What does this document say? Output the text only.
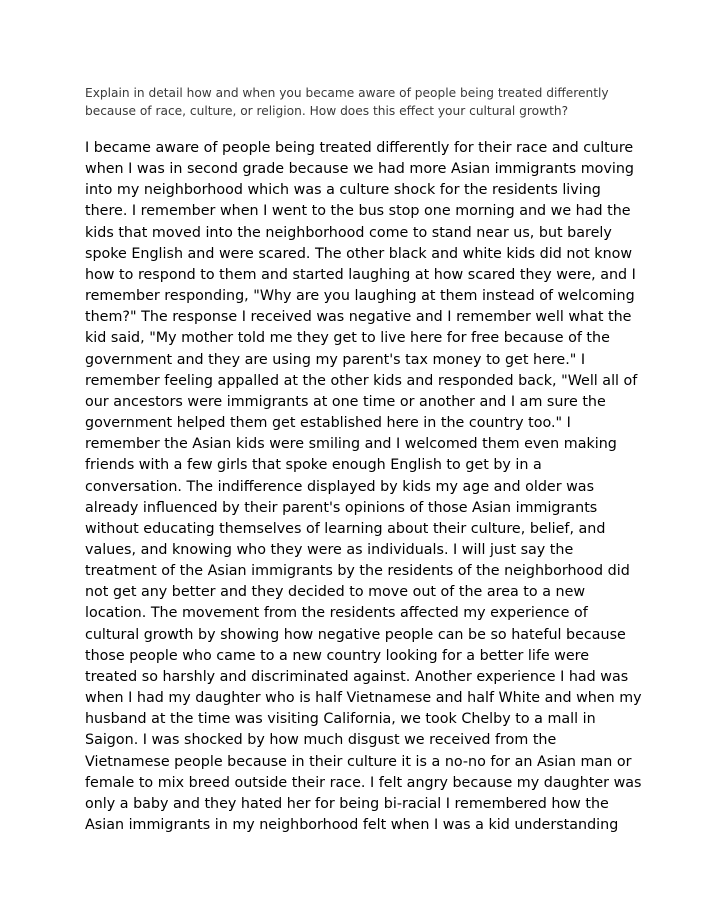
Explain in detail how and when you became aware of people being treated differently
because of race, culture, or religion. How does this effect your cultural growth?
I became aware of people being treated differently for their race and culture
when I was in second grade because we had more Asian immigrants moving
into my neighborhood which was a culture shock for the residents living
there. I remember when I went to the bus stop one morning and we had the
kids that moved into the neighborhood come to stand near us, but barely
spoke English and were scared. The other black and white kids did not know
how to respond to them and started laughing at how scared they were, and I
remember responding, "Why are you laughing at them instead of welcoming
them?" The response I received was negative and I remember well what the
kid said, "My mother told me they get to live here for free because of the
government and they are using my parent's tax money to get here." I
remember feeling appalled at the other kids and responded back, "Well all of
our ancestors were immigrants at one time or another and I am sure the
government helped them get established here in the country too." I
remember the Asian kids were smiling and I welcomed them even making
friends with a few girls that spoke enough English to get by in a
conversation. The indifference displayed by kids my age and older was
already influenced by their parent's opinions of those Asian immigrants
without educating themselves of learning about their culture, belief, and
values, and knowing who they were as individuals. I will just say the
treatment of the Asian immigrants by the residents of the neighborhood did
not get any better and they decided to move out of the area to a new
location. The movement from the residents affected my experience of
cultural growth by showing how negative people can be so hateful because
those people who came to a new country looking for a better life were
treated so harshly and discriminated against. Another experience I had was
when I had my daughter who is half Vietnamese and half White and when my
husband at the time was visiting California, we took Chelby to a mall in
Saigon. I was shocked by how much disgust we received from the
Vietnamese people because in their culture it is a no-no for an Asian man or
female to mix breed outside their race. I felt angry because my daughter was
only a baby and they hated her for being bi-racial I remembered how the
Asian immigrants in my neighborhood felt when I was a kid understanding
